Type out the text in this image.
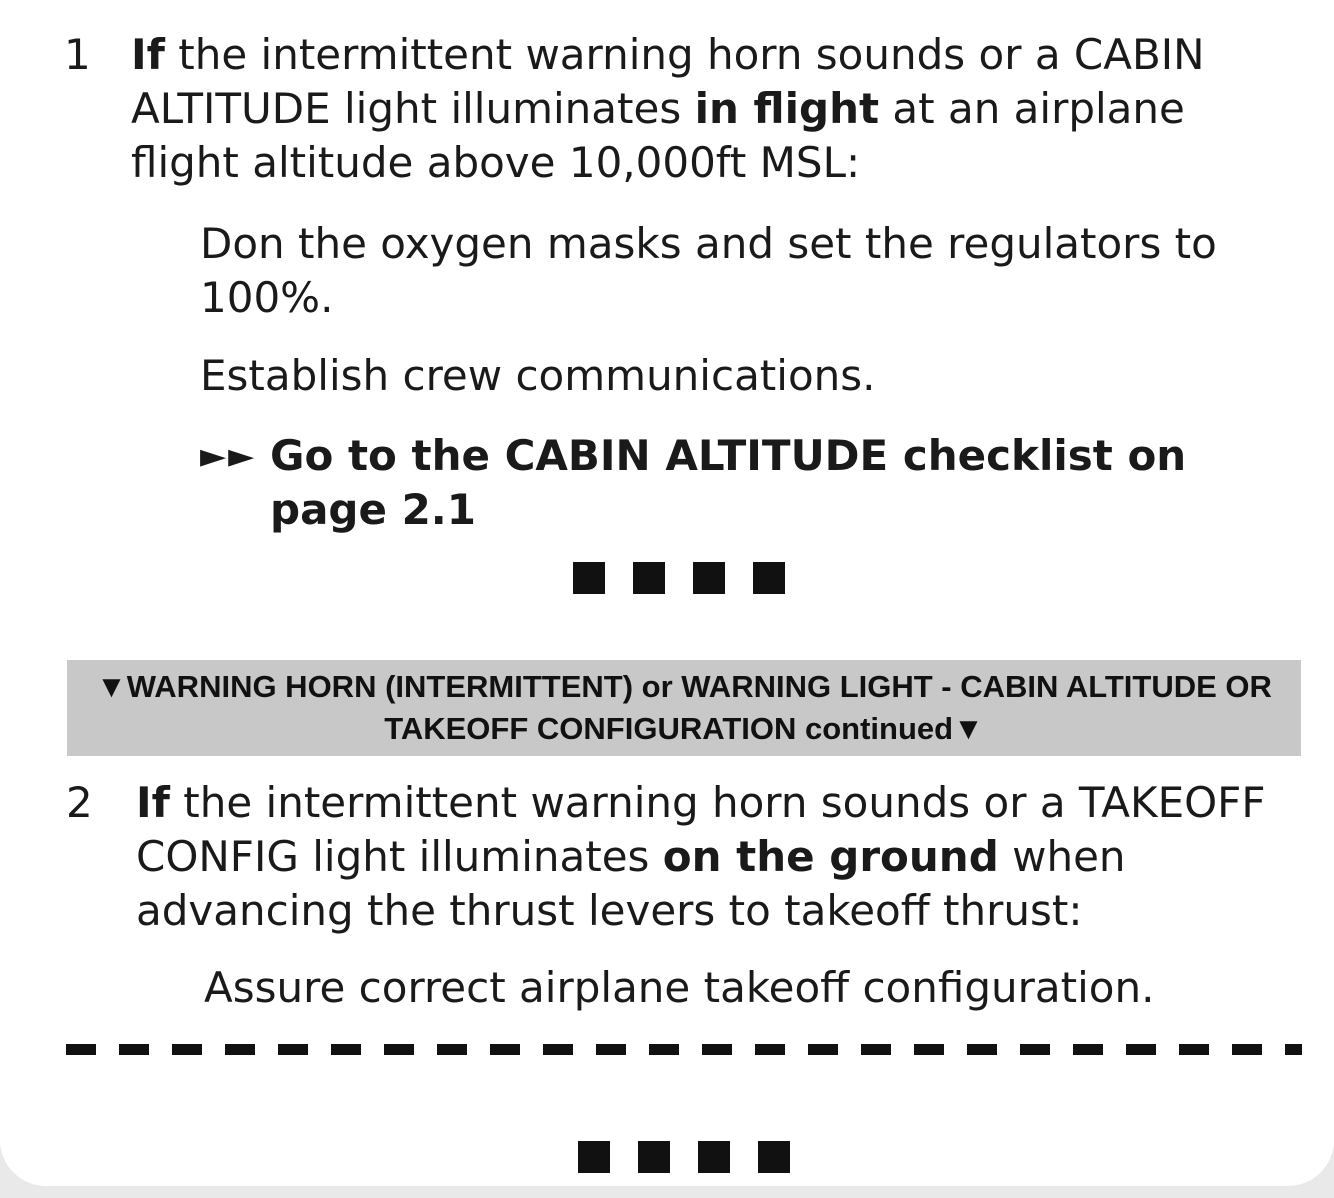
1 If the intermittent warning horn sounds or a CABIN ALTITUDE light illuminates in flight at an airplane flight altitude above 10,000ft MSL:

Don the oxygen masks and set the regulators to 100%.

Establish crew communications.

►► Go to the CABIN ALTITUDE checklist on page 2.1

▼WARNING HORN (INTERMITTENT) or WARNING LIGHT - CABIN ALTITUDE OR TAKEOFF CONFIGURATION continued▼
2 If the intermittent warning horn sounds or a TAKEOFF CONFIG light illuminates on the ground when advancing the thrust levers to takeoff thrust:

Assure correct airplane takeoff configuration.
